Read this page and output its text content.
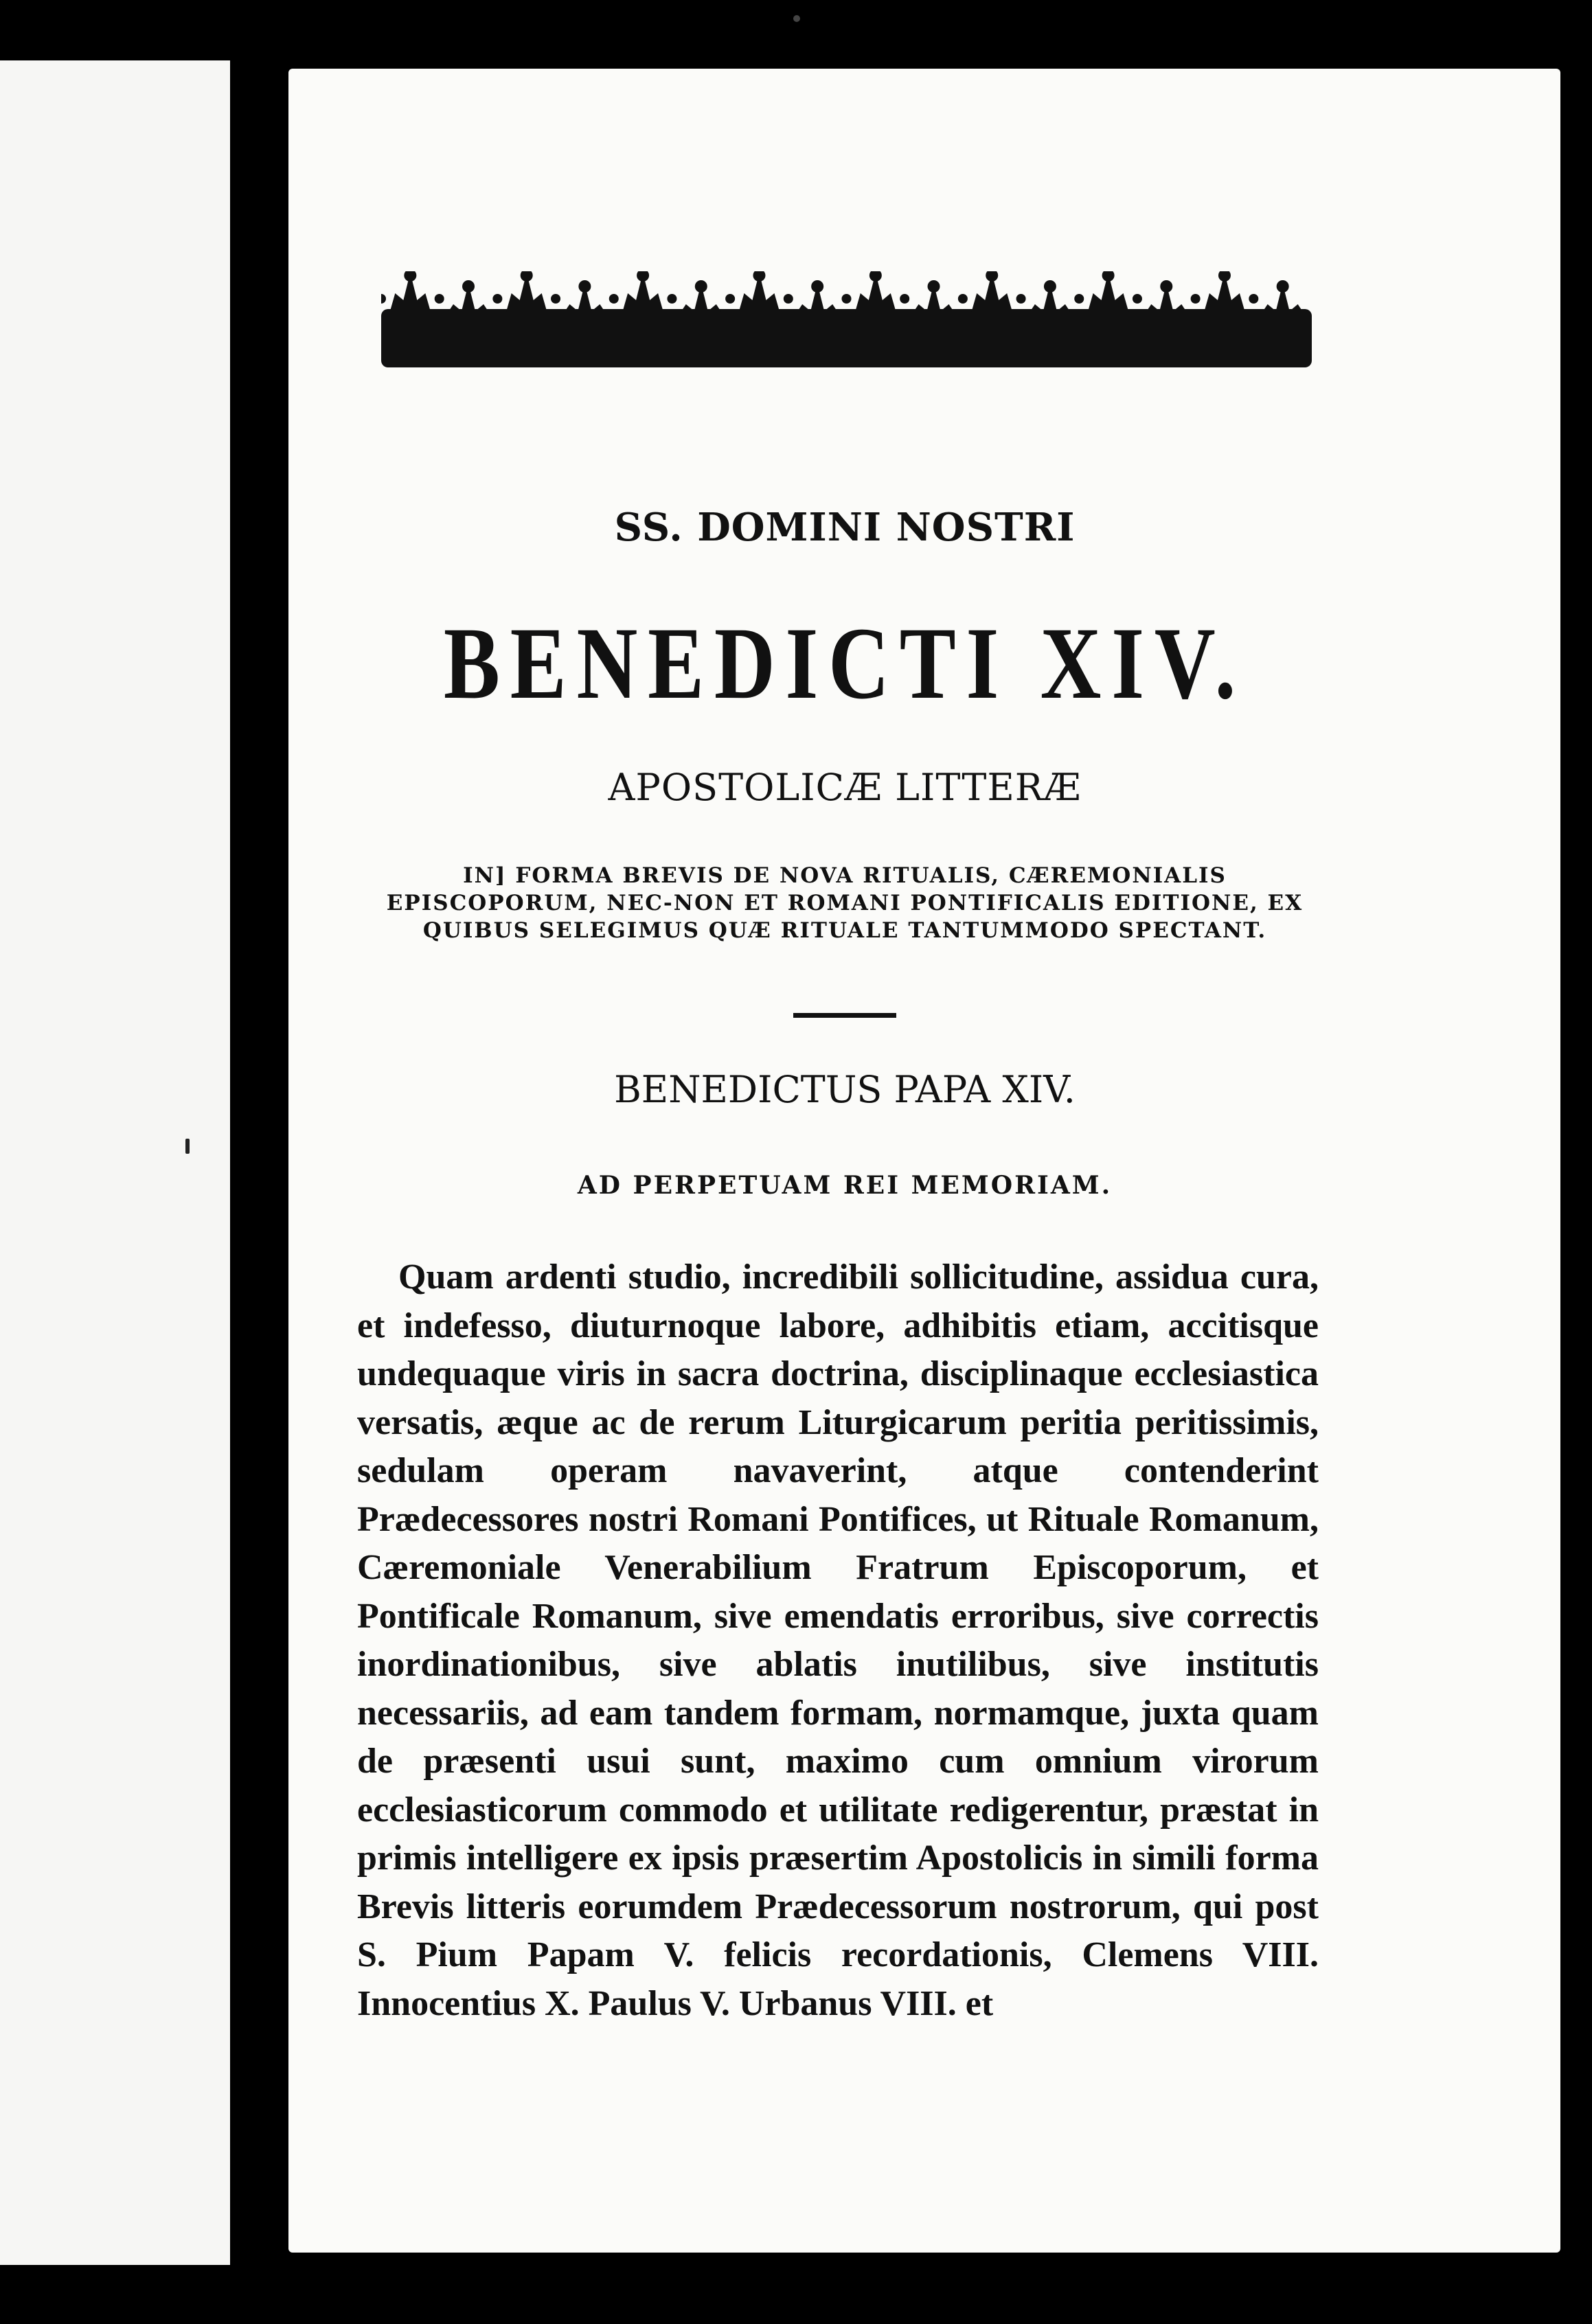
SS. DOMINI NOSTRI
BENEDICTI XIV.
APOSTOLICÆ LITTERÆ
IN] FORMA BREVIS DE NOVA RITUALIS, CÆREMONIALIS EPISCOPORUM, NEC-NON ET ROMANI PONTIFICALIS EDITIONE, EX QUIBUS SELEGIMUS QUÆ RITUALE TANTUMMODO SPECTANT.
BENEDICTUS PAPA XIV.
AD PERPETUAM REI MEMORIAM.
Quam ardenti studio, incredibili sollicitudine, assidua cura, et indefesso, diuturnoque labore, adhibitis etiam, accitisque undequaque viris in sacra doctrina, disciplinaque ecclesiastica versatis, æque ac de rerum Liturgicarum peritia peritissimis, sedulam operam navaverint, atque contenderint Prædecessores nostri Romani Pontifices, ut Rituale Romanum, Cæremoniale Venerabilium Fratrum Episcoporum, et Pontificale Romanum, sive emendatis erroribus, sive correctis inordinationibus, sive ablatis inutilibus, sive institutis necessariis, ad eam tandem formam, normamque, juxta quam de præsenti usui sunt, maximo cum omnium virorum ecclesiasticorum commodo et utilitate redigerentur, præstat in primis intelligere ex ipsis præsertim Apostolicis in simili forma Brevis litteris eorumdem Prædecessorum nostrorum, qui post S. Pium Papam V. felicis recordationis, Clemens VIII. Innocentius X. Paulus V. Urbanus VIII. et
